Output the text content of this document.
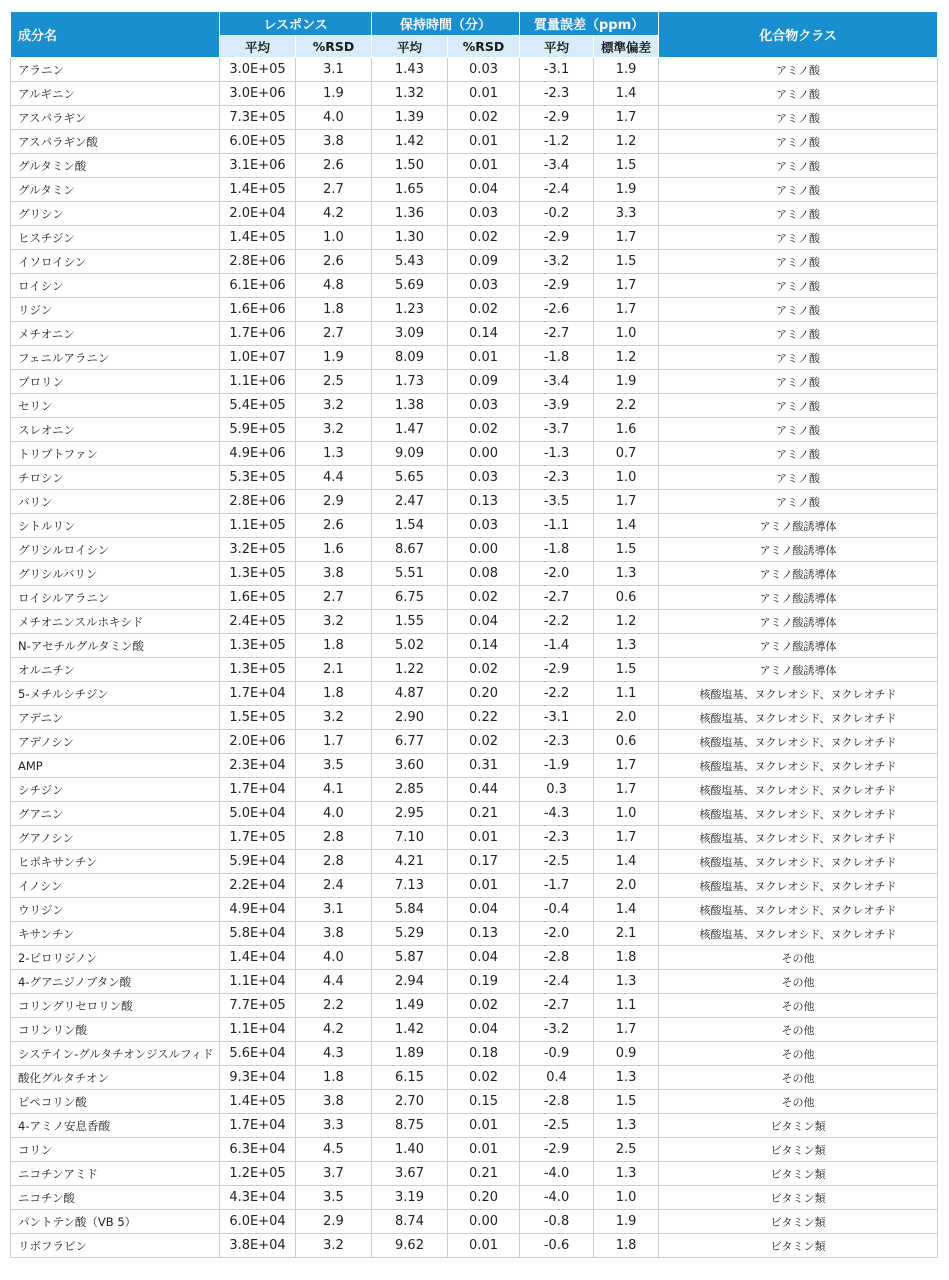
成分名	レスポンス		保持時間（分）		質量誤差（ppm）		化合物クラス
	平均	%RSD	平均	%RSD	平均	標準偏差	
アラニン	3.0E+05	3.1	1.43	0.03	-3.1	1.9	アミノ酸
アルギニン	3.0E+06	1.9	1.32	0.01	-2.3	1.4	アミノ酸
アスパラギン	7.3E+05	4.0	1.39	0.02	-2.9	1.7	アミノ酸
アスパラギン酸	6.0E+05	3.8	1.42	0.01	-1.2	1.2	アミノ酸
グルタミン酸	3.1E+06	2.6	1.50	0.01	-3.4	1.5	アミノ酸
グルタミン	1.4E+05	2.7	1.65	0.04	-2.4	1.9	アミノ酸
グリシン	2.0E+04	4.2	1.36	0.03	-0.2	3.3	アミノ酸
ヒスチジン	1.4E+05	1.0	1.30	0.02	-2.9	1.7	アミノ酸
イソロイシン	2.8E+06	2.6	5.43	0.09	-3.2	1.5	アミノ酸
ロイシン	6.1E+06	4.8	5.69	0.03	-2.9	1.7	アミノ酸
リジン	1.6E+06	1.8	1.23	0.02	-2.6	1.7	アミノ酸
メチオニン	1.7E+06	2.7	3.09	0.14	-2.7	1.0	アミノ酸
フェニルアラニン	1.0E+07	1.9	8.09	0.01	-1.8	1.2	アミノ酸
プロリン	1.1E+06	2.5	1.73	0.09	-3.4	1.9	アミノ酸
セリン	5.4E+05	3.2	1.38	0.03	-3.9	2.2	アミノ酸
スレオニン	5.9E+05	3.2	1.47	0.02	-3.7	1.6	アミノ酸
トリプトファン	4.9E+06	1.3	9.09	0.00	-1.3	0.7	アミノ酸
チロシン	5.3E+05	4.4	5.65	0.03	-2.3	1.0	アミノ酸
バリン	2.8E+06	2.9	2.47	0.13	-3.5	1.7	アミノ酸
シトルリン	1.1E+05	2.6	1.54	0.03	-1.1	1.4	アミノ酸誘導体
グリシルロイシン	3.2E+05	1.6	8.67	0.00	-1.8	1.5	アミノ酸誘導体
グリシルバリン	1.3E+05	3.8	5.51	0.08	-2.0	1.3	アミノ酸誘導体
ロイシルアラニン	1.6E+05	2.7	6.75	0.02	-2.7	0.6	アミノ酸誘導体
メチオニンスルホキシド	2.4E+05	3.2	1.55	0.04	-2.2	1.2	アミノ酸誘導体
N-アセチルグルタミン酸	1.3E+05	1.8	5.02	0.14	-1.4	1.3	アミノ酸誘導体
オルニチン	1.3E+05	2.1	1.22	0.02	-2.9	1.5	アミノ酸誘導体
5-メチルシチジン	1.7E+04	1.8	4.87	0.20	-2.2	1.1	核酸塩基、ヌクレオシド、ヌクレオチド
アデニン	1.5E+05	3.2	2.90	0.22	-3.1	2.0	核酸塩基、ヌクレオシド、ヌクレオチド
アデノシン	2.0E+06	1.7	6.77	0.02	-2.3	0.6	核酸塩基、ヌクレオシド、ヌクレオチド
AMP	2.3E+04	3.5	3.60	0.31	-1.9	1.7	核酸塩基、ヌクレオシド、ヌクレオチド
シチジン	1.7E+04	4.1	2.85	0.44	0.3	1.7	核酸塩基、ヌクレオシド、ヌクレオチド
グアニン	5.0E+04	4.0	2.95	0.21	-4.3	1.0	核酸塩基、ヌクレオシド、ヌクレオチド
グアノシン	1.7E+05	2.8	7.10	0.01	-2.3	1.7	核酸塩基、ヌクレオシド、ヌクレオチド
ヒポキサンチン	5.9E+04	2.8	4.21	0.17	-2.5	1.4	核酸塩基、ヌクレオシド、ヌクレオチド
イノシン	2.2E+04	2.4	7.13	0.01	-1.7	2.0	核酸塩基、ヌクレオシド、ヌクレオチド
ウリジン	4.9E+04	3.1	5.84	0.04	-0.4	1.4	核酸塩基、ヌクレオシド、ヌクレオチド
キサンチン	5.8E+04	3.8	5.29	0.13	-2.0	2.1	核酸塩基、ヌクレオシド、ヌクレオチド
2-ピロリジノン	1.4E+04	4.0	5.87	0.04	-2.8	1.8	その他
4-グアニジノブタン酸	1.1E+04	4.4	2.94	0.19	-2.4	1.3	その他
コリングリセロリン酸	7.7E+05	2.2	1.49	0.02	-2.7	1.1	その他
コリンリン酸	1.1E+04	4.2	1.42	0.04	-3.2	1.7	その他
システイン-グルタチオンジスルフィド	5.6E+04	4.3	1.89	0.18	-0.9	0.9	その他
酸化グルタチオン	9.3E+04	1.8	6.15	0.02	0.4	1.3	その他
ピペコリン酸	1.4E+05	3.8	2.70	0.15	-2.8	1.5	その他
4-アミノ安息香酸	1.7E+04	3.3	8.75	0.01	-2.5	1.3	ビタミン類
コリン	6.3E+04	4.5	1.40	0.01	-2.9	2.5	ビタミン類
ニコチンアミド	1.2E+05	3.7	3.67	0.21	-4.0	1.3	ビタミン類
ニコチン酸	4.3E+04	3.5	3.19	0.20	-4.0	1.0	ビタミン類
パントテン酸（VB 5）	6.0E+04	2.9	8.74	0.00	-0.8	1.9	ビタミン類
リボフラビン	3.8E+04	3.2	9.62	0.01	-0.6	1.8	ビタミン類
